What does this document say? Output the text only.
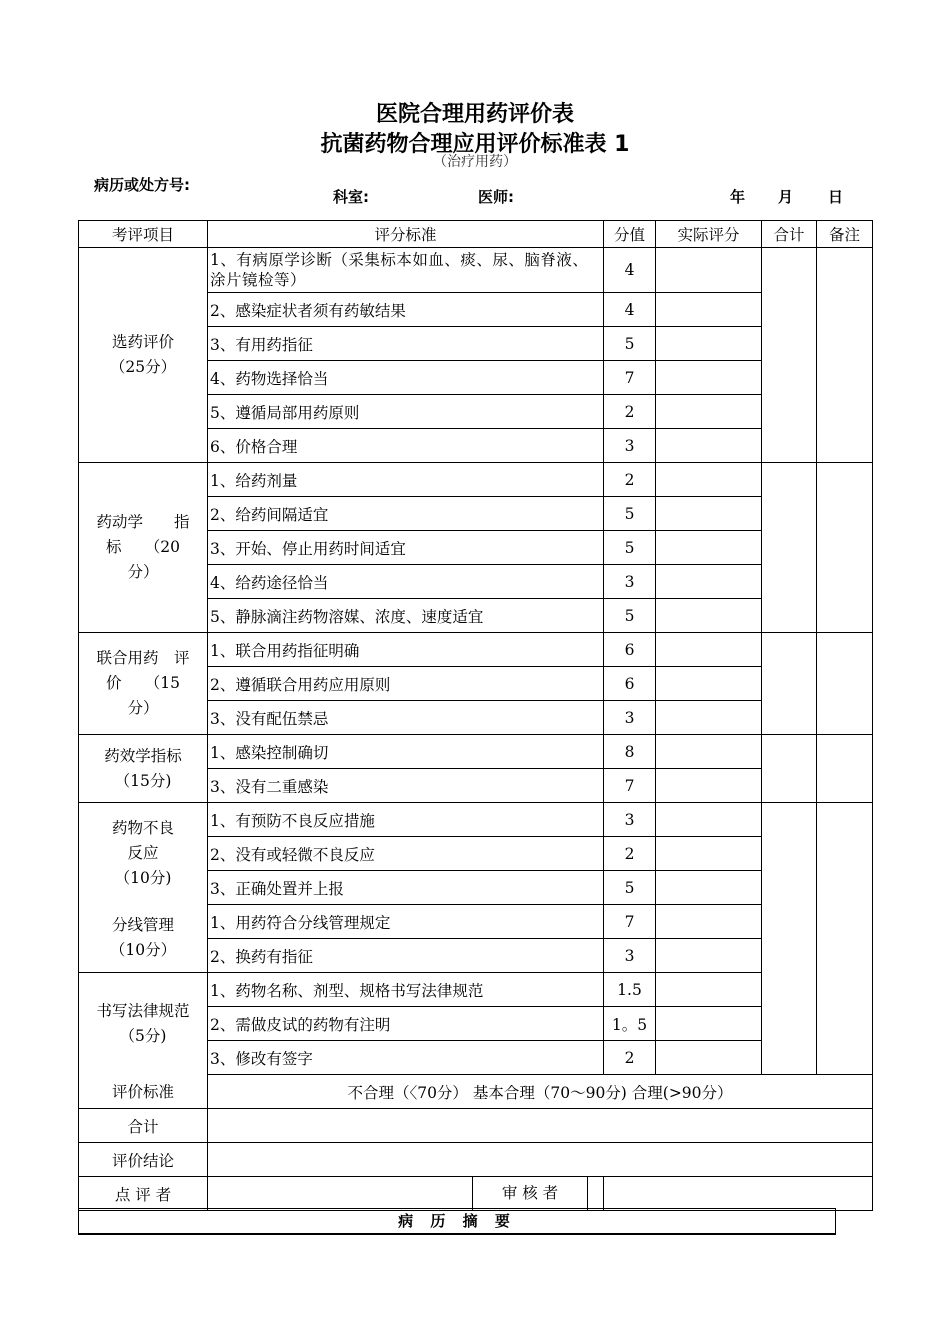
医院合理用药评价表
抗菌药物合理应用评价标准表 1
（治疗用药）
病历或处方号:
科室:	医师:	年 月 日
考评项目	评分标准	分值	实际评分	合计	备注

选药评价
（25分）	1、有病原学诊断（采集标本如血、痰、尿、脑脊液、涂片镜检等）	4			
	2、感染症状者须有药敏结果	4			
	3、有用药指征	5			
	4、药物选择恰当	7			
	5、遵循局部用药原则	2			
	6、价格合理	3			

药动学　　指
标　　（20
分）	1、给药剂量	2			
	2、给药间隔适宜	5			
	3、开始、停止用药时间适宜	5			
	4、给药途径恰当	3			
	5、静脉滴注药物溶媒、浓度、速度适宜	5			

联合用药　评
价　　（15
分）	1、联合用药指征明确	6			
	2、遵循联合用药应用原则	6			
	3、没有配伍禁忌	3			

药效学指标
（15分)	1、感染控制确切	8			
	3、没有二重感染	7			

药物不良
反应
（10分)	1、有预防不良反应措施	3			
	2、没有或轻微不良反应	2			
	3、正确处置并上报	5			

分线管理
（10分）	1、用药符合分线管理规定	7			
	2、换药有指征	3			

书写法律规范
（5分)	1、药物名称、剂型、规格书写法律规范	1.5			
	2、需做皮试的药物有注明	1。5			
	3、修改有签字	2			
评价标准	不合理（〈70分） 基本合理（70～90分) 合理(>90分）				
合计					
评价结论					
点 评 者	审 核 者				

病 历 摘 要
